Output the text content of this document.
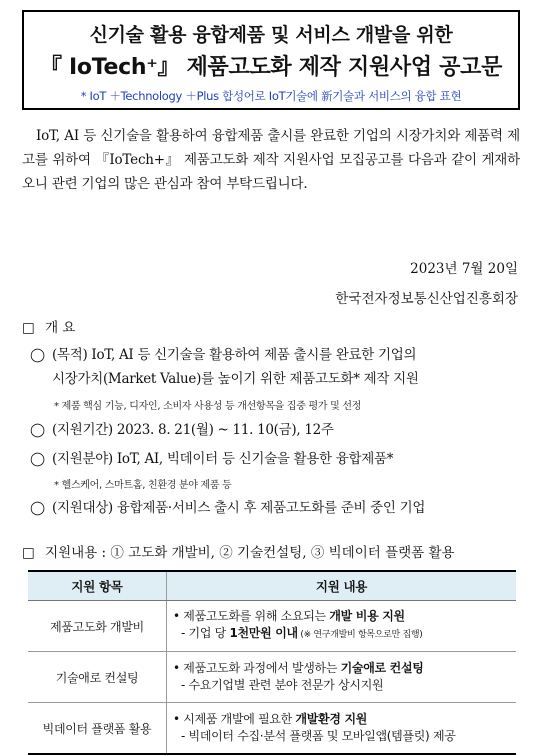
신기술 활용 융합제품 및 서비스 개발을 위한
『 IoTech⁺』 제품고도화 제작 지원사업 공고문
* IoT ＋Technology ＋Plus 합성어로 IoT기술에 新기술과 서비스의 융합 표현

IoT, AI 등 신기술을 활용하여 융합제품 출시를 완료한 기업의 시장가치와 제품력 제고를 위하여 『IoTech+』 제품고도화 제작 지원사업 모집공고를 다음과 같이 게재하오니 관련 기업의 많은 관심과 참여 부탁드립니다.

2023년 7월 20일
한국전자정보통신산업진흥회장
□ 개 요
◯ (목적) IoT, AI 등 신기술을 활용하여 제품 출시를 완료한 기업의
시장가치(Market Value)를 높이기 위한 제품고도화* 제작 지원
* 제품 핵심 기능, 디자인, 소비자 사용성 등 개선항목을 집중 평가 및 선정
◯ (지원기간) 2023. 8. 21(월) ~ 11. 10(금), 12주
◯ (지원분야) IoT, AI, 빅데이터 등 신기술을 활용한 융합제품*
* 헬스케어, 스마트홈, 친환경 분야 제품 등
◯ (지원대상) 융합제품·서비스 출시 후 제품고도화를 준비 중인 기업
□ 지원내용 : ① 고도화 개발비, ② 기술컨설팅, ③ 빅데이터 플랫폼 활용
지원 항목	지원 내용
제품고도화 개발비	• 제품고도화를 위해 소요되는 개발 비용 지원
- 기업 당 1천만원 이내 (※ 연구개발비 항목으로만 집행)

기술애로 컨설팅	• 제품고도화 과정에서 발생하는 기술애로 컨설팅
- 수요기업별 관련 분야 전문가 상시지원

빅데이터 플랫폼 활용	• 시제품 개발에 필요한 개발환경 지원
- 빅데이터 수집·분석 플랫폼 및 모바일앱(템플릿) 제공
